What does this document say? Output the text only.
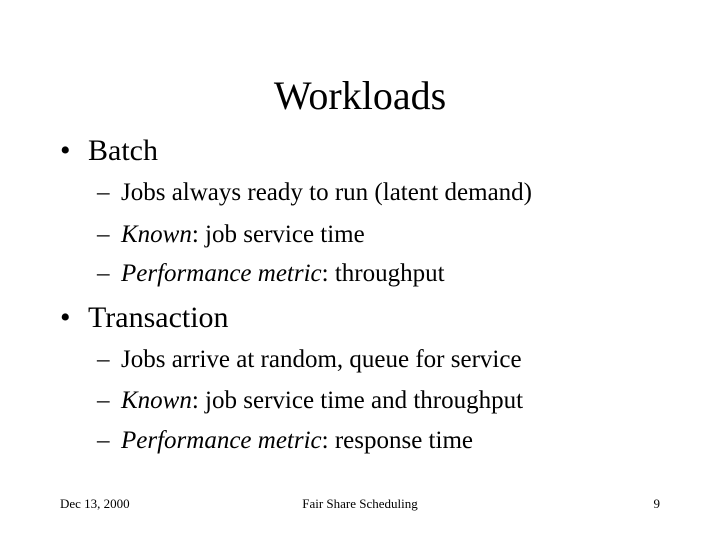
Workloads
• Batch
– Jobs always ready to run (latent demand)
– Known: job service time
– Performance metric: throughput
• Transaction
– Jobs arrive at random, queue for service
– Known: job service time and throughput
– Performance metric: response time
Dec 13, 2000	Fair Share Scheduling	9
